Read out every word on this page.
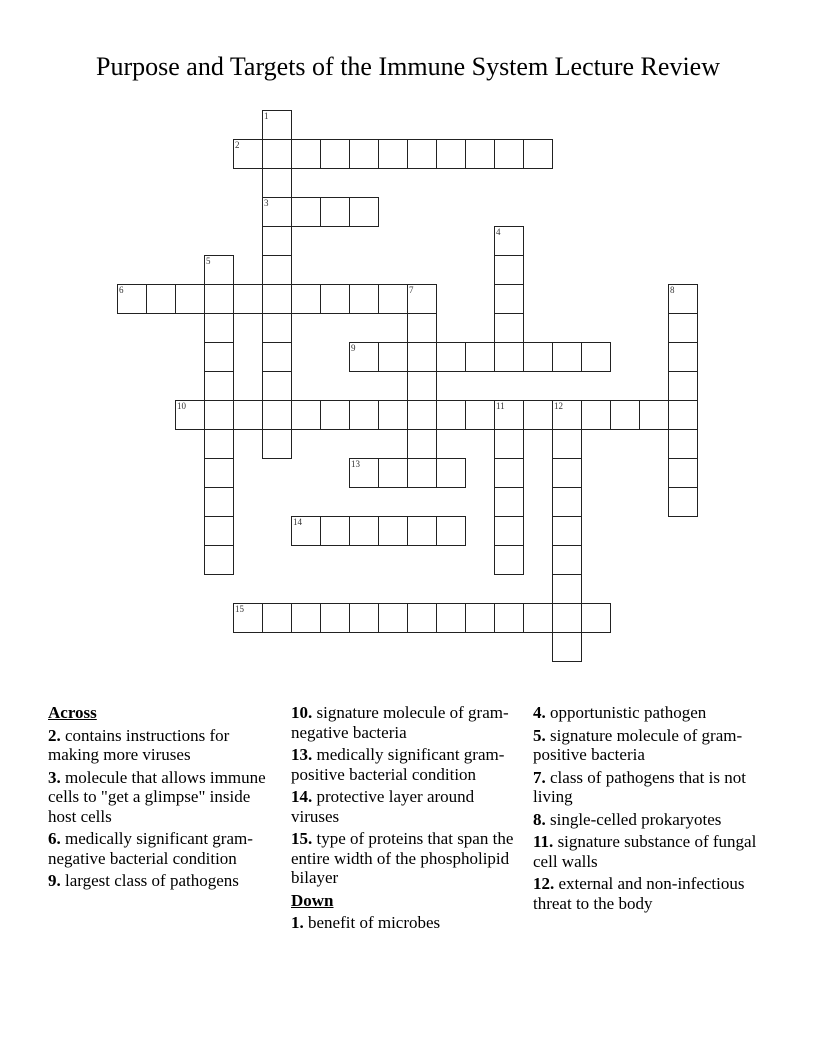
Purpose and Targets of the Immune System Lecture Review
1
3
2
4
5
6	7	8
9
10	11	12
13
14
15
Across
2. contains instructions for making more viruses
3. molecule that allows immune cells to "get a glimpse" inside host cells
6. medically significant gram-negative bacterial condition
9. largest class of pathogens
10. signature molecule of gram-negative bacteria
13. medically significant gram-positive bacterial condition
14. protective layer around viruses
15. type of proteins that span the entire width of the phospholipid bilayer
Down
1. benefit of microbes
4. opportunistic pathogen
5. signature molecule of gram-positive bacteria
7. class of pathogens that is not living
8. single-celled prokaryotes
11. signature substance of fungal cell walls
12. external and non-infectious threat to the body
